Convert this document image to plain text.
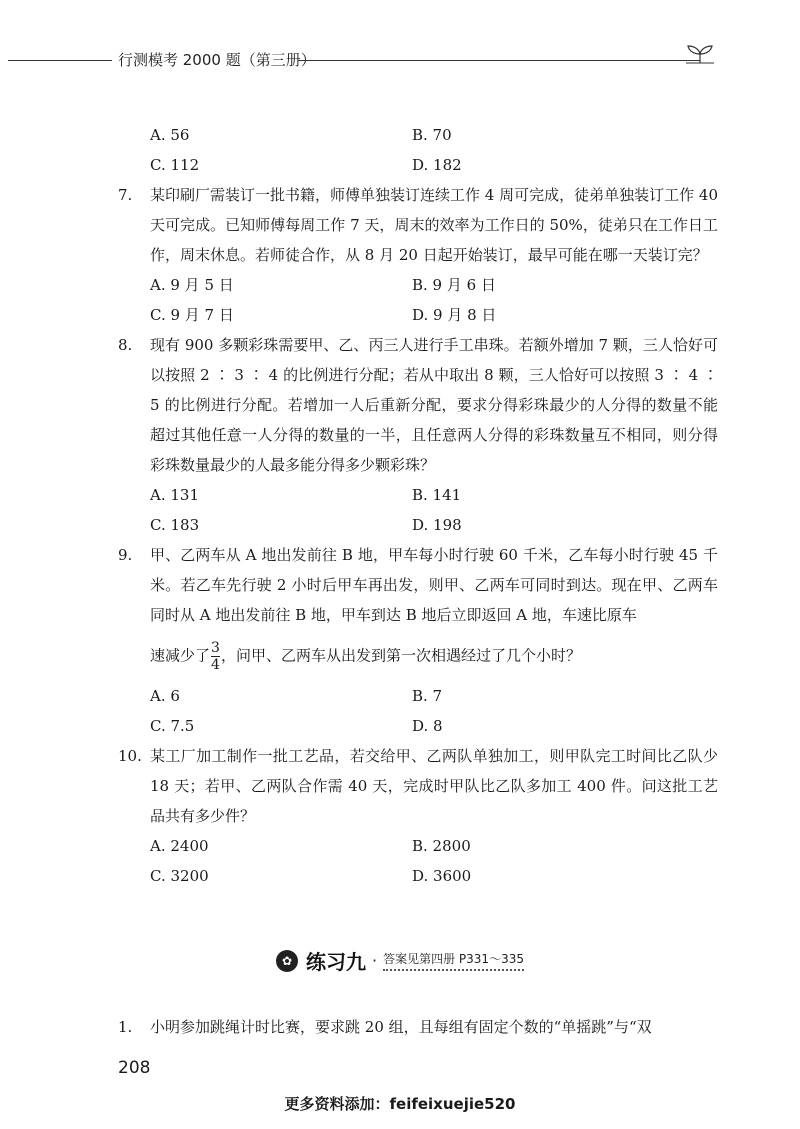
行测模考 2000 题（第三册）
A. 56	B. 70
C. 112	D. 182
7. 某印刷厂需装订一批书籍，师傅单独装订连续工作 4 周可完成，徒弟单独装订工作 40 天可完成。已知师傅每周工作 7 天，周末的效率为工作日的 50%，徒弟只在工作日工作，周末休息。若师徒合作，从 8 月 20 日起开始装订，最早可能在哪一天装订完？
A. 9 月 5 日	B. 9 月 6 日
C. 9 月 7 日	D. 9 月 8 日
8. 现有 900 多颗彩珠需要甲、乙、丙三人进行手工串珠。若额外增加 7 颗，三人恰好可以按照 2 ∶ 3 ∶ 4 的比例进行分配；若从中取出 8 颗，三人恰好可以按照 3 ∶ 4 ∶ 5 的比例进行分配。若增加一人后重新分配，要求分得彩珠最少的人分得的数量不能超过其他任意一人分得的数量的一半，且任意两人分得的彩珠数量互不相同，则分得彩珠数量最少的人最多能分得多少颗彩珠？
A. 131	B. 141
C. 183	D. 198
9. 甲、乙两车从 A 地出发前往 B 地，甲车每小时行驶 60 千米，乙车每小时行驶 45 千米。若乙车先行驶 2 小时后甲车再出发，则甲、乙两车可同时到达。现在甲、乙两车同时从 A 地出发前往 B 地，甲车到达 B 地后立即返回 A 地，车速比原车
速减少了 $\frac{3}{4}$ ，问甲、乙两车从出发到第一次相遇经过了几个小时？
A. 6	B. 7
C. 7.5	D. 8
10. 某工厂加工制作一批工艺品，若交给甲、乙两队单独加工，则甲队完工时间比乙队少 18 天；若甲、乙两队合作需 40 天，完成时甲队比乙队多加工 400 件。问这批工艺品共有多少件？
A. 2400	B. 2800
C. 3200	D. 3600
✿ 练习九 · 答案见第四册 P331～335
1. 小明参加跳绳计时比赛，要求跳 20 组，且每组有固定个数的“单摇跳”与“双
208
更多资料添加：feifeixuejie520
